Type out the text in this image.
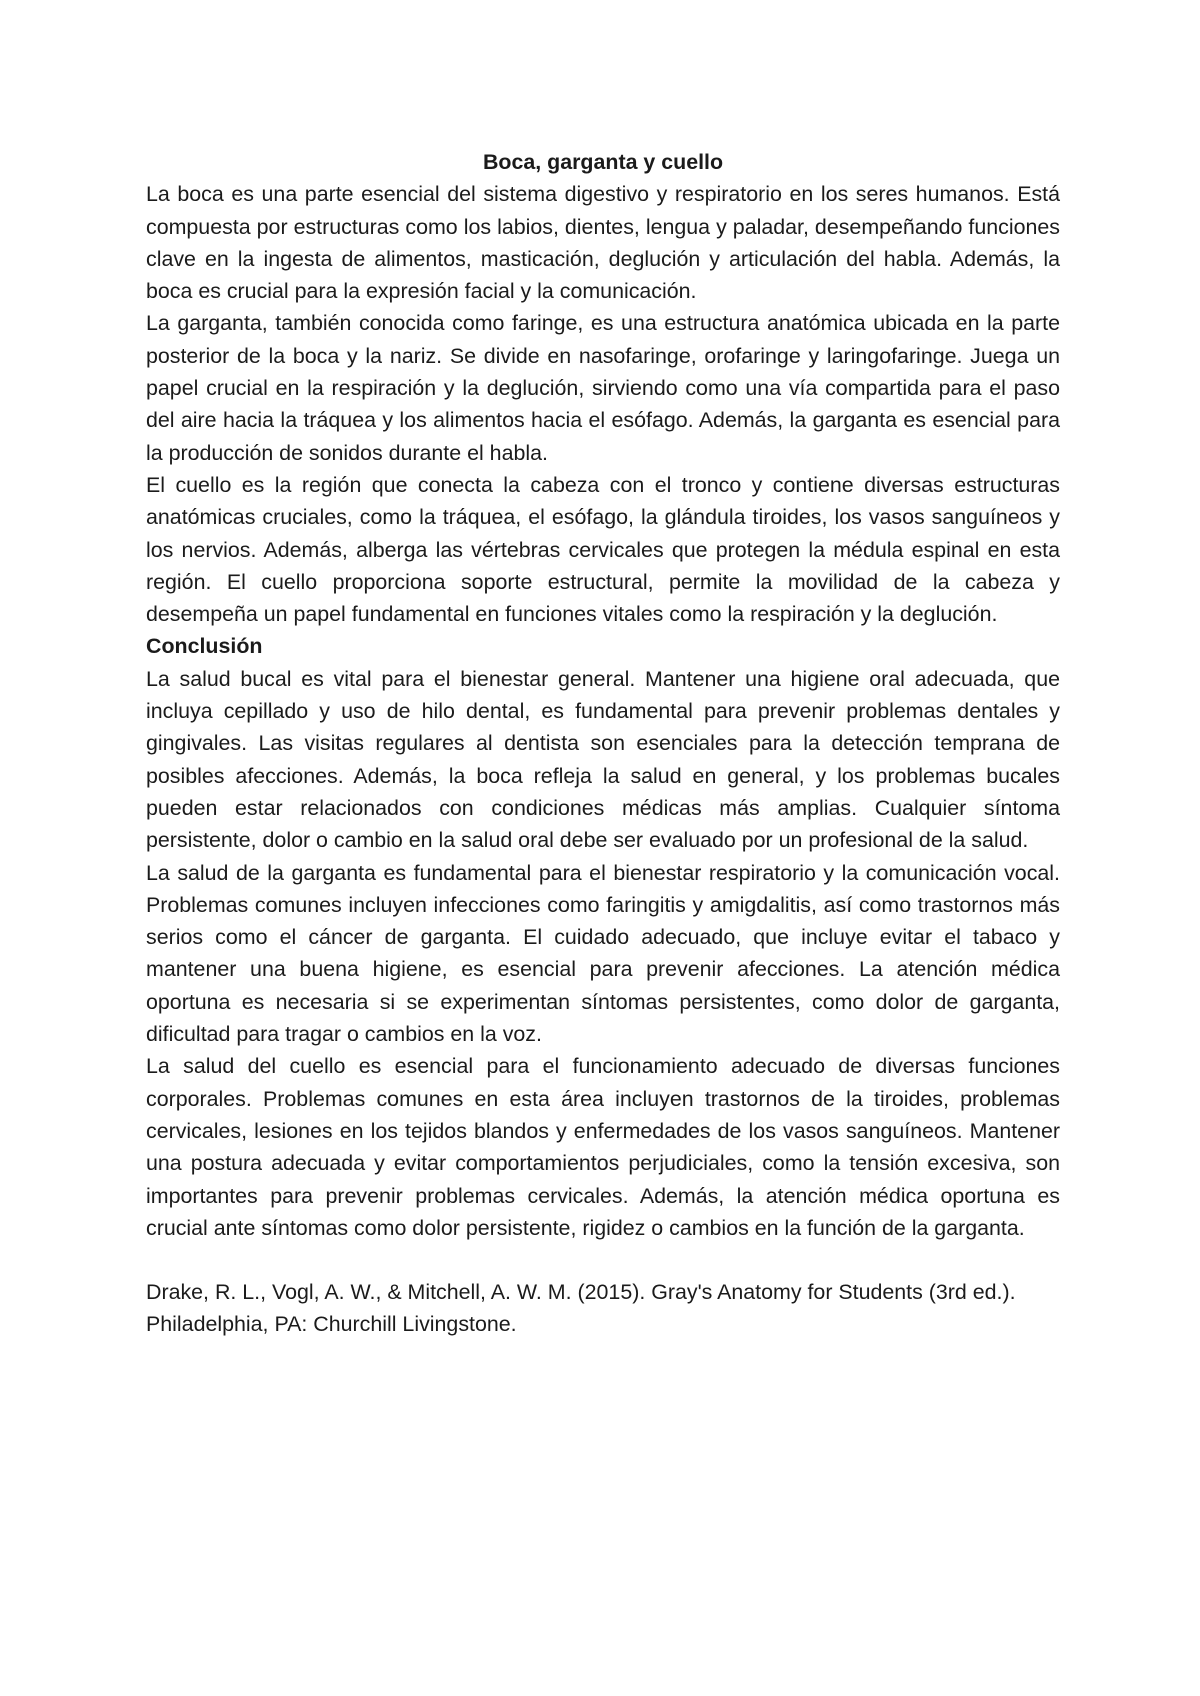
Boca, garganta y cuello

La boca es una parte esencial del sistema digestivo y respiratorio en los seres humanos. Está compuesta por estructuras como los labios, dientes, lengua y paladar, desempeñando funciones clave en la ingesta de alimentos, masticación, deglución y articulación del habla. Además, la boca es crucial para la expresión facial y la comunicación.

La garganta, también conocida como faringe, es una estructura anatómica ubicada en la parte posterior de la boca y la nariz. Se divide en nasofaringe, orofaringe y laringofaringe. Juega un papel crucial en la respiración y la deglución, sirviendo como una vía compartida para el paso del aire hacia la tráquea y los alimentos hacia el esófago. Además, la garganta es esencial para la producción de sonidos durante el habla.

El cuello es la región que conecta la cabeza con el tronco y contiene diversas estructuras anatómicas cruciales, como la tráquea, el esófago, la glándula tiroides, los vasos sanguíneos y los nervios. Además, alberga las vértebras cervicales que protegen la médula espinal en esta región. El cuello proporciona soporte estructural, permite la movilidad de la cabeza y desempeña un papel fundamental en funciones vitales como la respiración y la deglución.

Conclusión

La salud bucal es vital para el bienestar general. Mantener una higiene oral adecuada, que incluya cepillado y uso de hilo dental, es fundamental para prevenir problemas dentales y gingivales. Las visitas regulares al dentista son esenciales para la detección temprana de posibles afecciones. Además, la boca refleja la salud en general, y los problemas bucales pueden estar relacionados con condiciones médicas más amplias. Cualquier síntoma persistente, dolor o cambio en la salud oral debe ser evaluado por un profesional de la salud.

La salud de la garganta es fundamental para el bienestar respiratorio y la comunicación vocal. Problemas comunes incluyen infecciones como faringitis y amigdalitis, así como trastornos más serios como el cáncer de garganta. El cuidado adecuado, que incluye evitar el tabaco y mantener una buena higiene, es esencial para prevenir afecciones. La atención médica oportuna es necesaria si se experimentan síntomas persistentes, como dolor de garganta, dificultad para tragar o cambios en la voz.

La salud del cuello es esencial para el funcionamiento adecuado de diversas funciones corporales. Problemas comunes en esta área incluyen trastornos de la tiroides, problemas cervicales, lesiones en los tejidos blandos y enfermedades de los vasos sanguíneos. Mantener una postura adecuada y evitar comportamientos perjudiciales, como la tensión excesiva, son importantes para prevenir problemas cervicales. Además, la atención médica oportuna es crucial ante síntomas como dolor persistente, rigidez o cambios en la función de la garganta.

Drake, R. L., Vogl, A. W., & Mitchell, A. W. M. (2015). Gray's Anatomy for Students (3rd ed.). Philadelphia, PA: Churchill Livingstone.
